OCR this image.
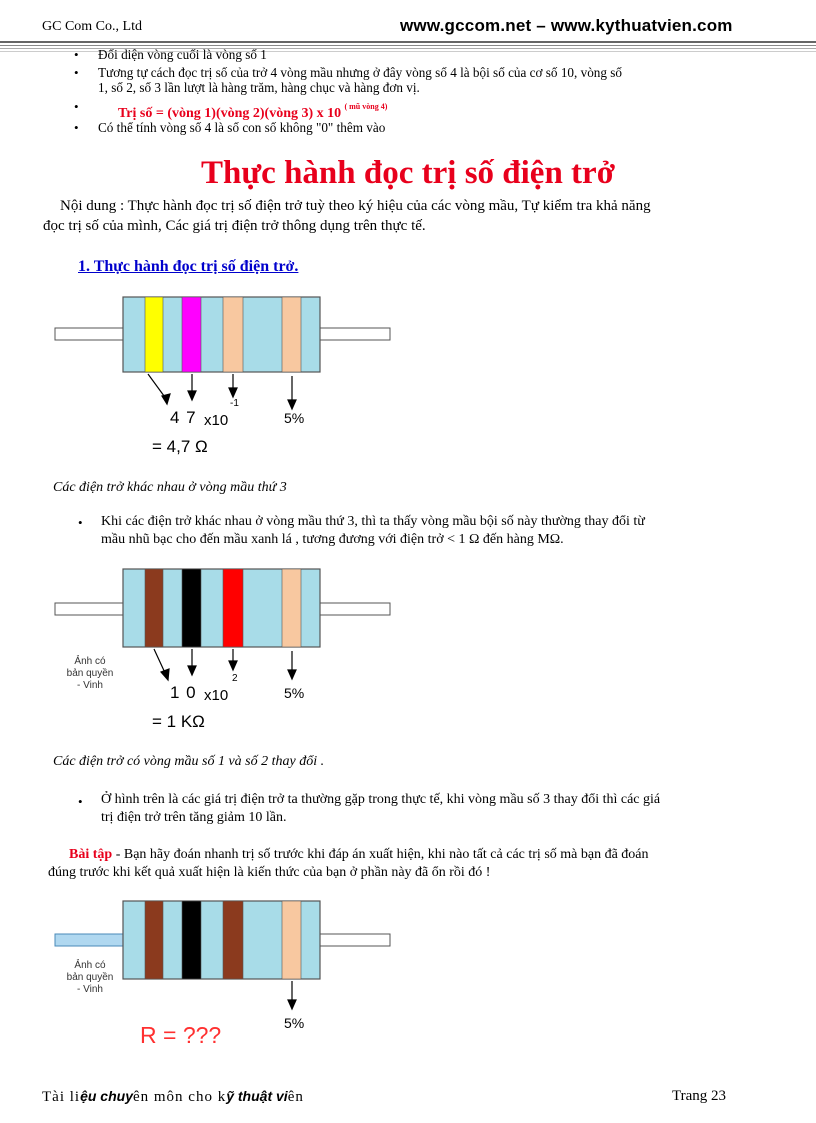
GC Com Co., Ltd	www.gccom.net – www.kythuatvien.com
• Đối diện vòng cuối là vòng số 1
• Tương tự cách đọc trị số của trở 4 vòng mầu nhưng ở đây vòng số 4 là bội số của cơ số 10, vòng số
1, số 2, số 3 lần lượt là hàng trăm, hàng chục và hàng đơn vị.
•	Trị số = (vòng 1)(vòng 2)(vòng 3) x 10 $^{( mũ vòng 4)}$
• Có thể tính vòng số 4 là số con số không "0" thêm vào
Thực hành đọc trị số điện trở
Nội dung : Thực hành đọc trị số điện trở tuỳ theo ký hiệu của các vòng mầu, Tự kiểm tra khả năng
đọc trị số của mình, Các giá trị điện trở thông dụng trên thực tế.
1. Thực hành đọc trị số điện trở.
4 7 x10
-1
5%
= 4,7 Ω
Các điện trở khác nhau ở vòng mầu thứ 3
• Khi các điện trở khác nhau ở vòng mầu thứ 3, thì ta thấy vòng mầu bội số này thường thay đổi từ
mầu nhũ bạc cho đến mầu xanh lá , tương đương với điện trở < 1 Ω đến hàng MΩ.
Ảnh có
bản quyền
- Vinh	1 0 x10
2
5%
= 1 KΩ
Các điện trở có vòng mầu số 1 và số 2 thay đổi .
• Ở hình trên là các giá trị điện trở ta thường gặp trong thực tế, khi vòng mầu số 3 thay đổi thì các giá
trị điện trở trên tăng giảm 10 lần.
Bài tập - Bạn hãy đoán nhanh trị số trước khi đáp án xuất hiện, khi nào tất cả các trị số mà bạn đã đoán
đúng trước khi kết quả xuất hiện là kiến thức của bạn ở phần này đã ổn rồi đó !
Ảnh có
bản quyền
- Vinh
5%
R = ???
Tài liệu chuyên môn cho kỹ thuật viên	Trang 23
